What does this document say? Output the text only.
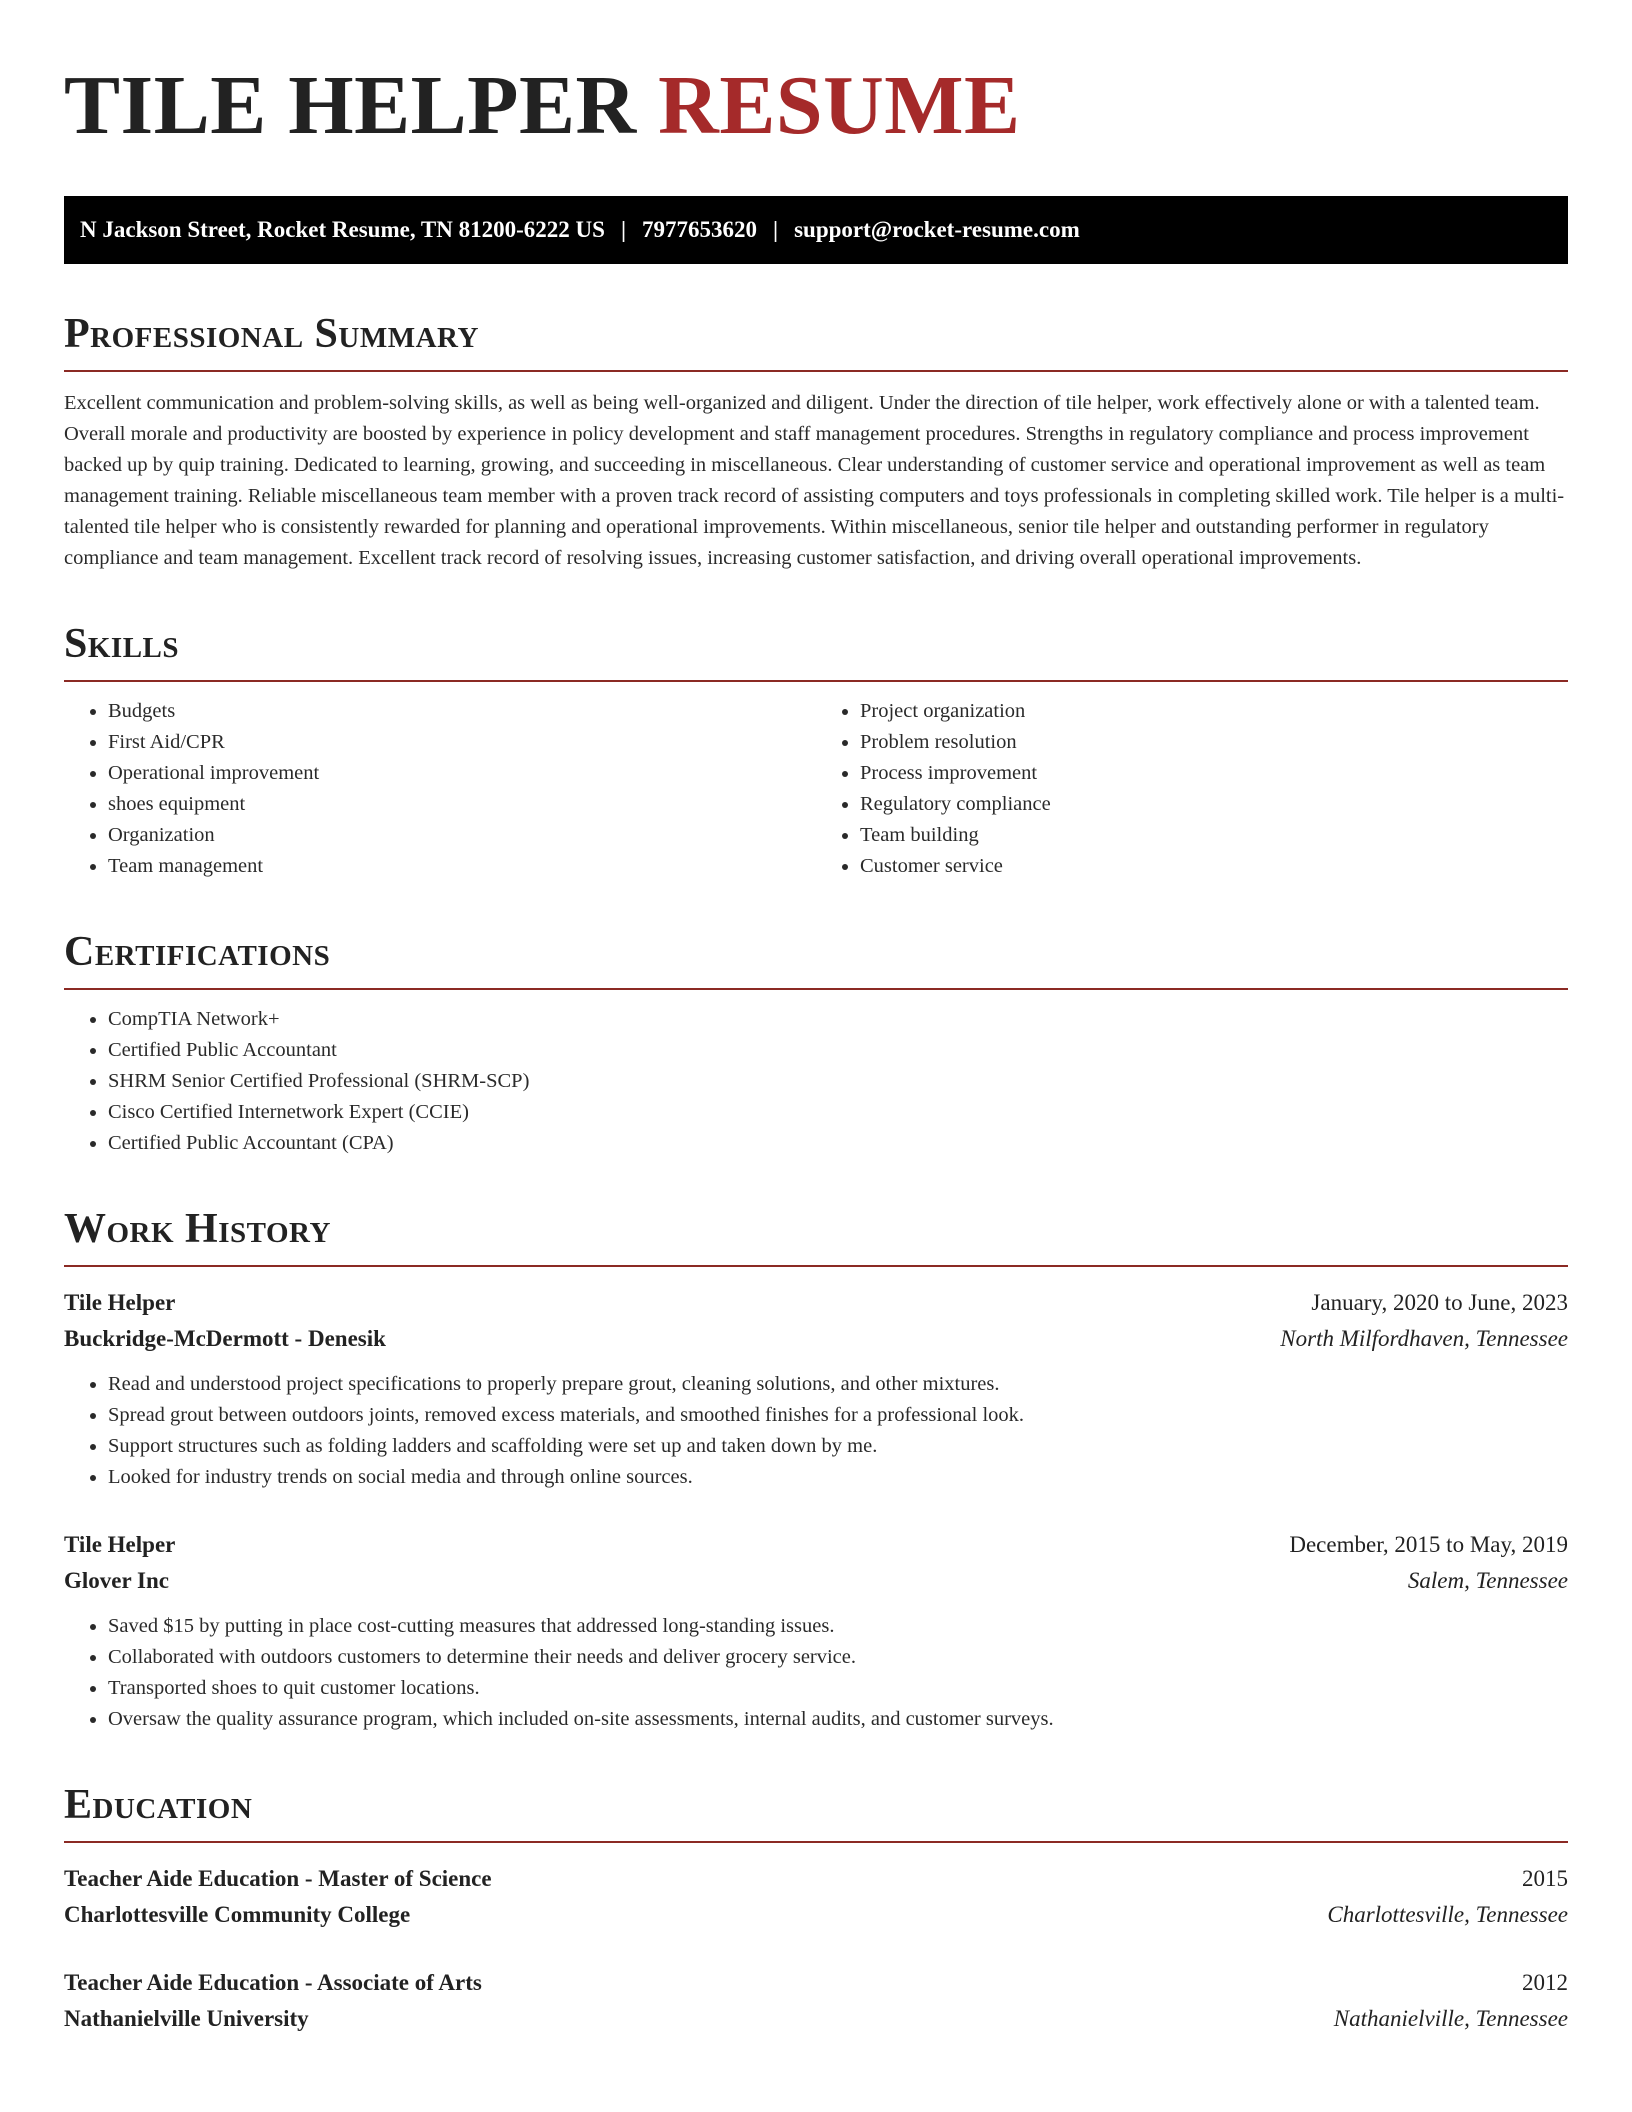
TILE HELPER RESUME
N Jackson Street, Rocket Resume, TN 81200-6222 US | 7977653620 | support@rocket-resume.com
Professional Summary

Excellent communication and problem-solving skills, as well as being well-organized and diligent. Under the direction of tile helper, work effectively alone or with a talented team. Overall morale and productivity are boosted by experience in policy development and staff management procedures. Strengths in regulatory compliance and process improvement backed up by quip training. Dedicated to learning, growing, and succeeding in miscellaneous. Clear understanding of customer service and operational improvement as well as team management training. Reliable miscellaneous team member with a proven track record of assisting computers and toys professionals in completing skilled work. Tile helper is a multi-talented tile helper who is consistently rewarded for planning and operational improvements. Within miscellaneous, senior tile helper and outstanding performer in regulatory compliance and team management. Excellent track record of resolving issues, increasing customer satisfaction, and driving overall operational improvements.

Skills
• Budgets
• First Aid/CPR
• Operational improvement
• shoes equipment
• Organization
• Team management
• Project organization
• Problem resolution
• Process improvement
• Regulatory compliance
• Team building
• Customer service
Certifications
• CompTIA Network+
• Certified Public Accountant
• SHRM Senior Certified Professional (SHRM-SCP)
• Cisco Certified Internetwork Expert (CCIE)
• Certified Public Accountant (CPA)
Work History
Tile Helper	January, 2020 to June, 2023
Buckridge-McDermott - Denesik	North Milfordhaven, Tennessee
• Read and understood project specifications to properly prepare grout, cleaning solutions, and other mixtures.
• Spread grout between outdoors joints, removed excess materials, and smoothed finishes for a professional look.
• Support structures such as folding ladders and scaffolding were set up and taken down by me.
• Looked for industry trends on social media and through online sources.
Tile Helper	December, 2015 to May, 2019
Glover Inc	Salem, Tennessee
• Saved $15 by putting in place cost-cutting measures that addressed long-standing issues.
• Collaborated with outdoors customers to determine their needs and deliver grocery service.
• Transported shoes to quit customer locations.
• Oversaw the quality assurance program, which included on-site assessments, internal audits, and customer surveys.
Education
Teacher Aide Education - Master of Science	2015
Charlottesville Community College	Charlottesville, Tennessee
Teacher Aide Education - Associate of Arts	2012
Nathanielville University	Nathanielville, Tennessee
